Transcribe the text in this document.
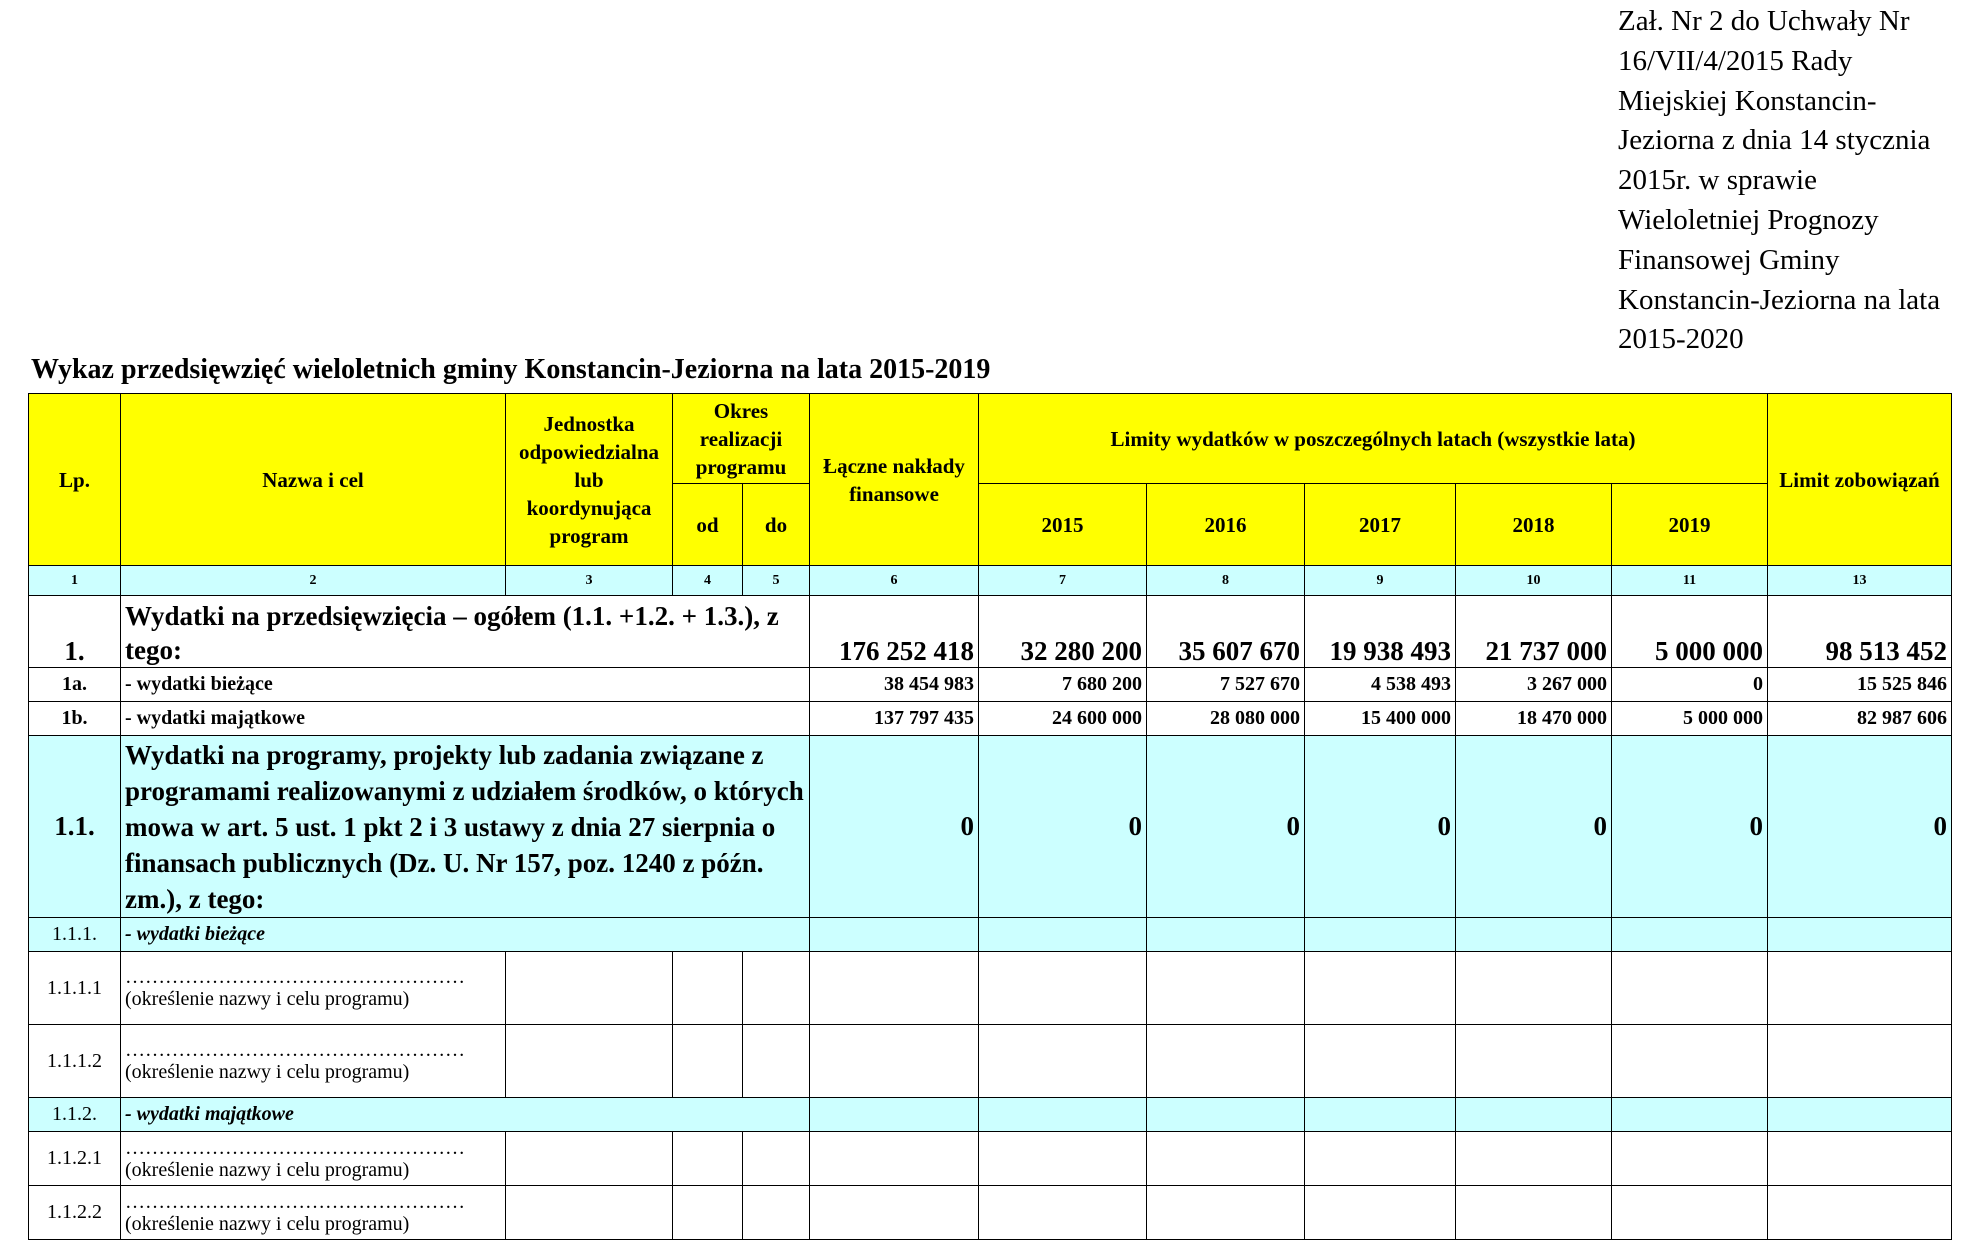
Zał. Nr 2 do Uchwały Nr 16/VII/4/2015 Rady Miejskiej Konstancin-Jeziorna z dnia 14 stycznia 2015r. w sprawie Wieloletniej Prognozy Finansowej Gminy Konstancin-Jeziorna na lata 2015-2020
Wykaz przedsięwzięć wieloletnich gminy Konstancin-Jeziorna na lata 2015-2019
Lp.	Nazwa i cel	Jednostka odpowiedzialna lub koordynująca program	Okres realizacji programu		Łączne nakłady finansowe	Limity wydatków w poszczególnych latach (wszystkie lata)					Limit zobowiązań
			od	do		2015	2016	2017	2018	2019	
1	2	3	4	5	6	7	8	9	10	11	13
1.	Wydatki na przedsięwzięcia – ogółem (1.1. +1.2. + 1.3.), z tego:				176 252 418	32 280 200	35 607 670	19 938 493	21 737 000	5 000 000	98 513 452
1a.	- wydatki bieżące				38 454 983	7 680 200	7 527 670	4 538 493	3 267 000	0	15 525 846
1b.	- wydatki majątkowe				137 797 435	24 600 000	28 080 000	15 400 000	18 470 000	5 000 000	82 987 606
1.1.	Wydatki na programy, projekty lub zadania związane z programami realizowanymi z udziałem środków, o których mowa w art. 5 ust. 1 pkt 2 i 3 ustawy z dnia 27 sierpnia o finansach publicznych (Dz. U. Nr 157, poz. 1240 z późn. zm.), z tego:				0	0	0	0	0	0	0
1.1.1.	- wydatki bieżące										
1.1.1.1	……………………………………………
(określenie nazwy i celu programu)										

1.1.1.2	……………………………………………
(określenie nazwy i celu programu)										

1.1.2.	- wydatki majątkowe										
1.1.2.1	……………………………………………
(określenie nazwy i celu programu)										

1.1.2.2	……………………………………………
(określenie nazwy i celu programu)										
